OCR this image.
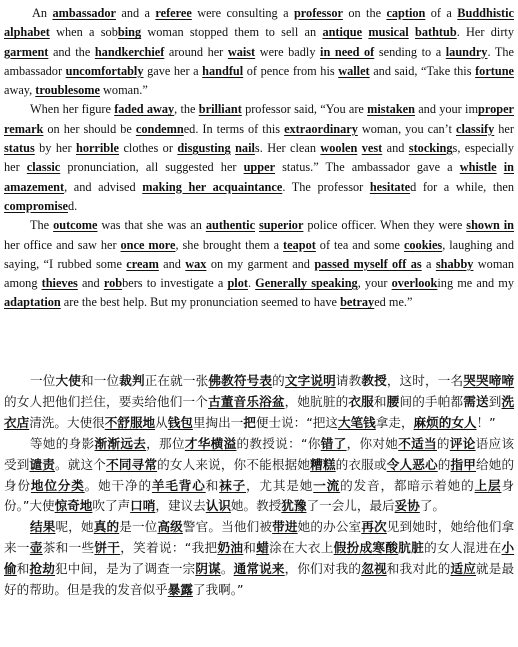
An ambassador and a referee were consulting a professor on the caption of a Buddhistic alphabet when a sobbing woman stopped them to sell an antique musical bathtub. Her dirty garment and the handkerchief around her waist were badly in need of sending to a laundry. The ambassador uncomfortably gave her a handful of pence from his wallet and said, “Take this fortune away, troublesome woman.”

When her figure faded away, the brilliant professor said, “You are mistaken and your improper remark on her should be condemned. In terms of this extraordinary woman, you can’t classify her status by her horrible clothes or disgusting nails. Her clean woolen vest and stockings, especially her classic pronunciation, all suggested her upper status.” The ambassador gave a whistle in amazement, and advised making her acquaintance. The professor hesitated for a while, then compromised.

The outcome was that she was an authentic superior police officer. When they were shown in her office and saw her once more, she brought them a teapot of tea and some cookies, laughing and saying, “I rubbed some cream and wax on my garment and passed myself off as a shabby woman among thieves and robbers to investigate a plot. Generally speaking, your overlooking me and my adaptation are the best help. But my pronunciation seemed to have betrayed me.”

一位大使和一位裁判正在就一张佛教符号表的文字说明请教教授，这时，一名哭哭啼啼的女人把他们拦住，要卖给他们一个古董音乐浴盆，她肮脏的衣服和腰间的手帕都需送到洗衣店清洗。大使很不舒服地从钱包里掏出一把便士说：“把这大笔钱拿走，麻烦的女人！”

等她的身影渐渐远去，那位才华横溢的教授说：“你错了，你对她不适当的评论语应该受到谴责。就这个不同寻常的女人来说，你不能根据她糟糕的衣服或令人恶心的指甲给她的身份地位分类。她干净的羊毛背心和袜子，尤其是她一流的发音，都暗示着她的上层身份。”大使惊奇地吹了声口哨，建议去认识她。教授犹豫了一会儿，最后妥协了。

结果呢，她真的是一位高级警官。当他们被带进她的办公室再次见到她时，她给他们拿来一壶茶和一些饼干，笑着说：“我把奶油和蜡涂在大衣上假扮成寒酸肮脏的女人混进在小偷和抢劫犯中间，是为了调查一宗阴谋。通常说来，你们对我的忽视和我对此的适应就是最好的帮助。但是我的发音似乎暴露了我啊。”
